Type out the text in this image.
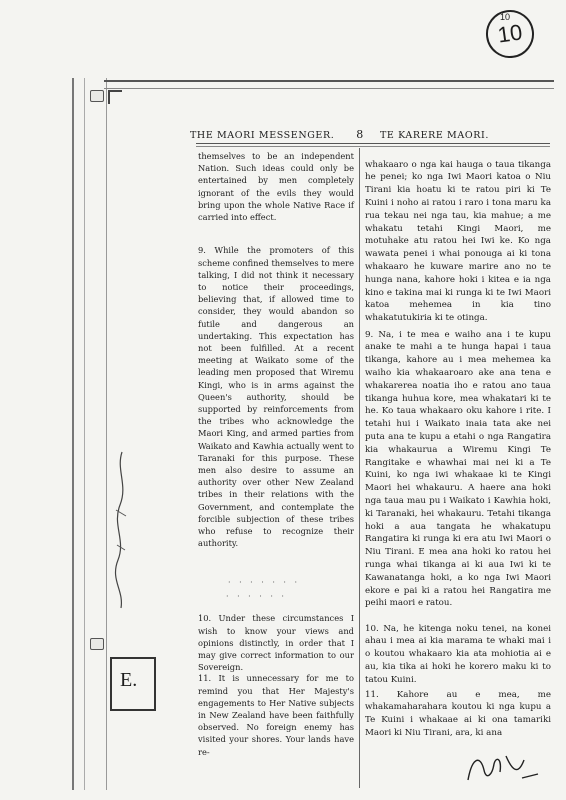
10
10
THE MAORI MESSENGER.	8	TE KARERE MAORI.

themselves to be an independent Nation. Such ideas could only be entertained by men completely ignorant of the evils they would bring upon the whole Native Race if carried into effect.

9. While the promoters of this scheme confined themselves to mere talking, I did not think it necessary to notice their proceedings, believing that, if allowed time to consider, they would abandon so futile and dangerous an undertaking. This expectation has not been fulfilled. At a recent meeting at Waikato some of the leading men proposed that Wiremu Kingi, who is in arms against the Queen's authority, should be supported by reinforcements from the tribes who acknowledge the Maori King, and armed parties from Waikato and Kawhia actually went to Taranaki for this purpose. These men also desire to assume an authority over other New Zealand tribes in their relations with the Government, and contemplate the forcible subjection of these tribes who refuse to recognize their authority.

· · · · · · ·
· · · · · ·

10. Under these circumstances I wish to know your views and opinions distinctly, in order that I may give correct information to our Sovereign.

11. It is unnecessary for me to remind you that Her Majesty's engagements to Her Native subjects in New Zealand have been faithfully observed. No foreign enemy has visited your shores. Your lands have re-

whakaaro o nga kai hauga o taua tikanga he penei; ko nga Iwi Maori katoa o Niu Tirani kia hoatu ki te ratou piri ki Te Kuini i noho ai ratou i raro i tona maru ka rua tekau nei nga tau, kia mahue; a me whakatu tetahi Kingi Maori, me motuhake atu ratou hei Iwi ke. Ko nga wawata penei i whai ponouga ai ki tona whakaaro he kuware marire ano no te hunga nana, kahore hoki i kitea e ia nga kino e takina mai ki runga ki te Iwi Maori katoa mehemea in kia tino whakatutukiria ki te otinga.

9. Na, i te mea e waiho ana i te kupu anake te mahi a te hunga hapai i taua tikanga, kahore au i mea mehemea ka waiho kia whakaaroaro ake ana tena e whakarerea noatia iho e ratou ano taua tikanga huhua kore, mea whakatari ki te he. Ko taua whakaaro oku kahore i rite. I tetahi hui i Waikato inaia tata ake nei puta ana te kupu a etahi o nga Rangatira kia whakaurua a Wiremu Kingi Te Rangitake e whawhai mai nei ki a Te Kuini, ko nga iwi whakaae ki te Kingi Maori hei whakauru. A haere ana hoki nga taua mau pu i Waikato i Kawhia hoki, ki Taranaki, hei whakauru. Tetahi tikanga hoki a aua tangata he whakatupu Rangatira ki runga ki era atu Iwi Maori o Niu Tirani. E mea ana hoki ko ratou hei runga whai tikanga ai ki aua Iwi ki te Kawanatanga hoki, a ko nga Iwi Maori ekore e pai ki a ratou hei Rangatira me peihi maori e ratou.

10. Na, he kitenga noku tenei, na konei ahau i mea ai kia marama te whaki mai i o koutou whakaaro kia ata mohiotia ai e au, kia tika ai hoki he korero maku ki to tatou Kuini.

11. Kahore au e mea, me whakamaharahara koutou ki nga kupu a Te Kuini i whakaae ai ki ona tamariki Maori ki Niu Tirani, ara, ki ana

E.
